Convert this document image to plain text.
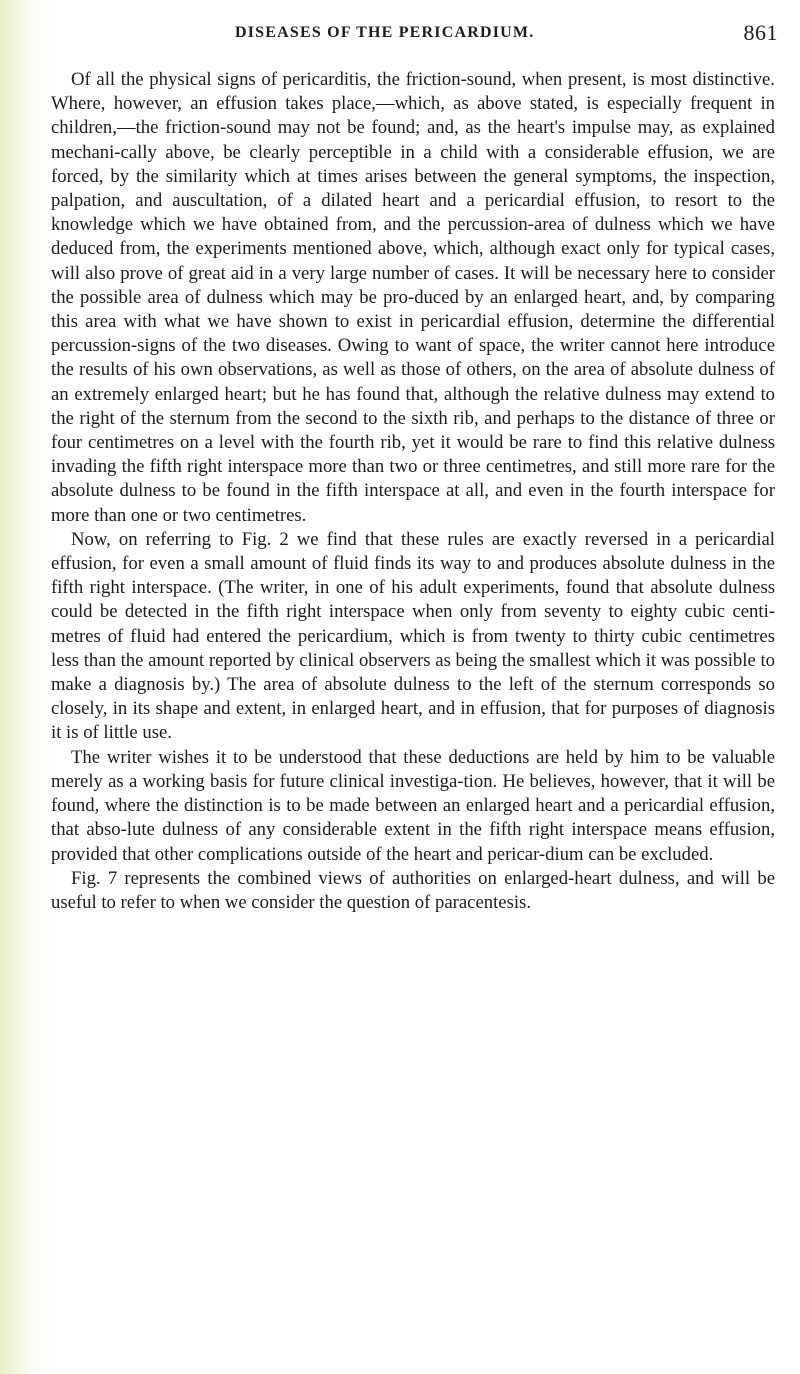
DISEASES OF THE PERICARDIUM.	861

Of all the physical signs of pericarditis, the friction-sound, when present, is most distinctive. Where, however, an effusion takes place,—which, as above stated, is especially frequent in children,—the friction-sound may not be found; and, as the heart's impulse may, as explained mechani-cally above, be clearly perceptible in a child with a considerable effusion, we are forced, by the similarity which at times arises between the general symptoms, the inspection, palpation, and auscultation, of a dilated heart and a pericardial effusion, to resort to the knowledge which we have obtained from, and the percussion-area of dulness which we have deduced from, the experiments mentioned above, which, although exact only for typical cases, will also prove of great aid in a very large number of cases. It will be necessary here to consider the possible area of dulness which may be pro-duced by an enlarged heart, and, by comparing this area with what we have shown to exist in pericardial effusion, determine the differential percussion-signs of the two diseases. Owing to want of space, the writer cannot here introduce the results of his own observations, as well as those of others, on the area of absolute dulness of an extremely enlarged heart; but he has found that, although the relative dulness may extend to the right of the sternum from the second to the sixth rib, and perhaps to the distance of three or four centimetres on a level with the fourth rib, yet it would be rare to find this relative dulness invading the fifth right interspace more than two or three centimetres, and still more rare for the absolute dulness to be found in the fifth interspace at all, and even in the fourth interspace for more than one or two centimetres.

Now, on referring to Fig. 2 we find that these rules are exactly reversed in a pericardial effusion, for even a small amount of fluid finds its way to and produces absolute dulness in the fifth right interspace. (The writer, in one of his adult experiments, found that absolute dulness could be detected in the fifth right interspace when only from seventy to eighty cubic centi-metres of fluid had entered the pericardium, which is from twenty to thirty cubic centimetres less than the amount reported by clinical observers as being the smallest which it was possible to make a diagnosis by.) The area of absolute dulness to the left of the sternum corresponds so closely, in its shape and extent, in enlarged heart, and in effusion, that for purposes of diagnosis it is of little use.

The writer wishes it to be understood that these deductions are held by him to be valuable merely as a working basis for future clinical investiga-tion. He believes, however, that it will be found, where the distinction is to be made between an enlarged heart and a pericardial effusion, that abso-lute dulness of any considerable extent in the fifth right interspace means effusion, provided that other complications outside of the heart and pericar-dium can be excluded.

Fig. 7 represents the combined views of authorities on enlarged-heart dulness, and will be useful to refer to when we consider the question of paracentesis.
